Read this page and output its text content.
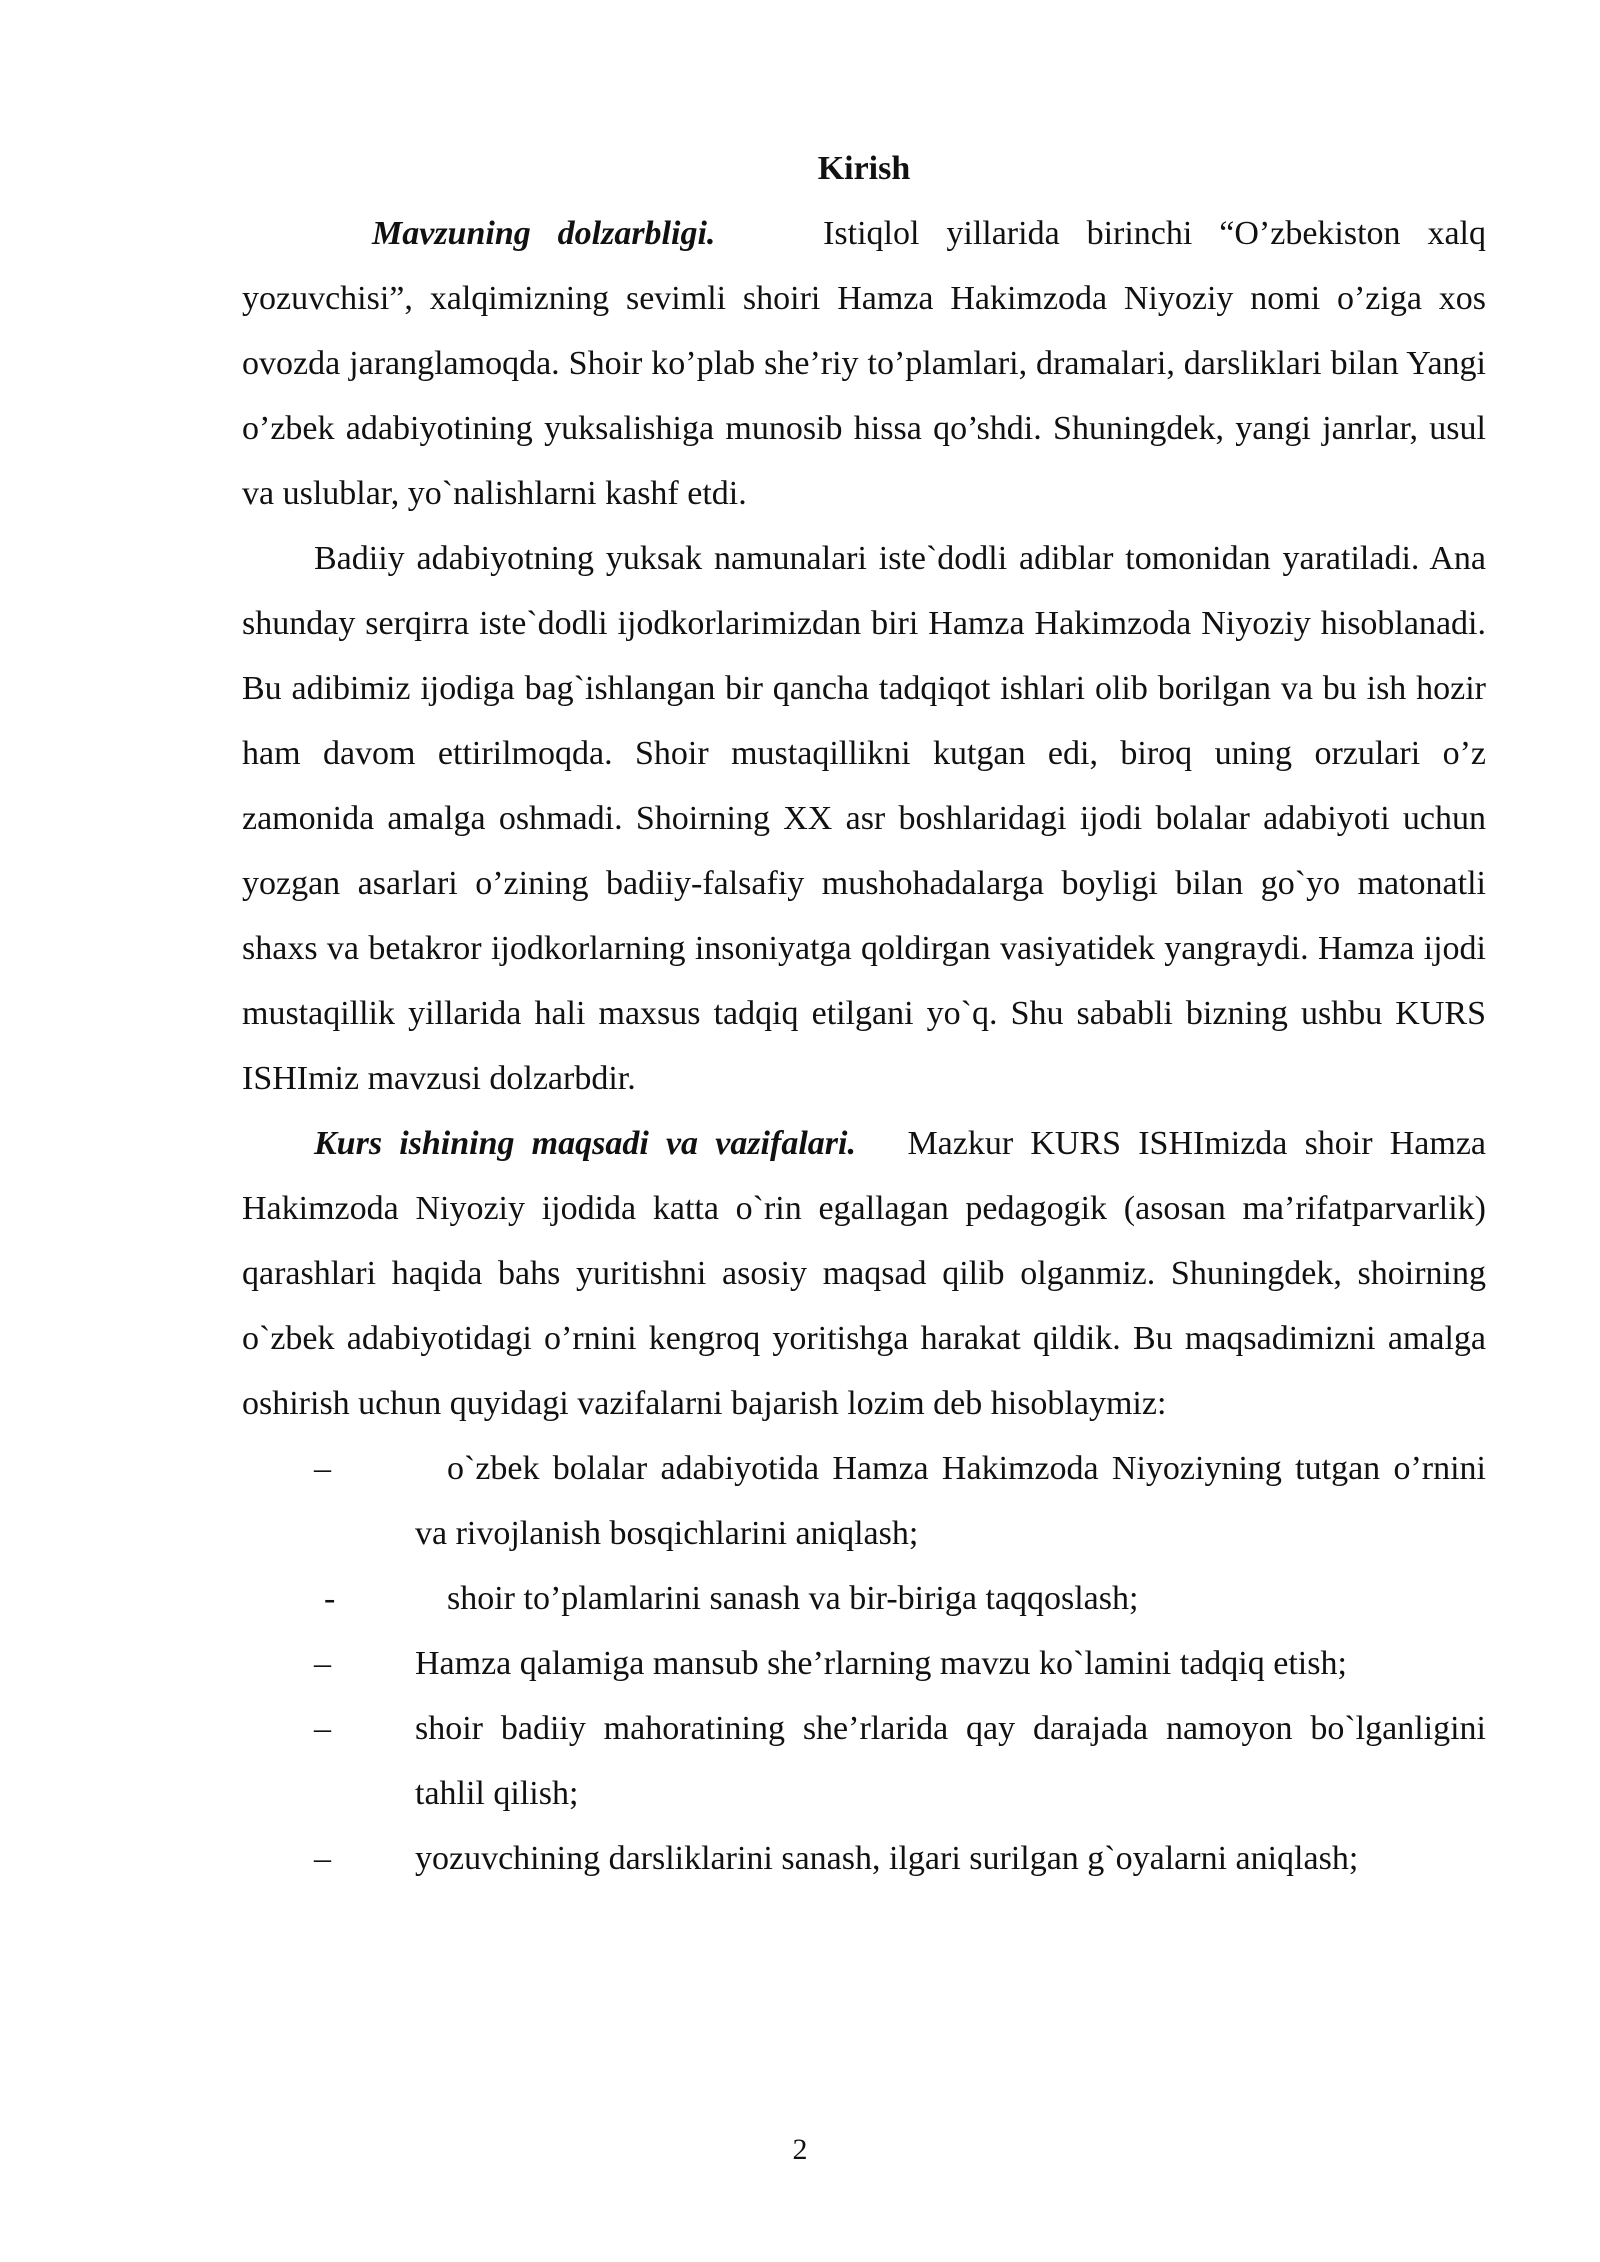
Kirish

Mavzuning dolzarbligi.	Istiqlol yillarida birinchi “O’zbekiston xalq yozuvchisi”, xalqimizning sevimli shoiri Hamza Hakimzoda Niyoziy nomi o’ziga xos ovozda jaranglamoqda. Shoir ko’plab she’riy to’plamlari, dramalari, darsliklari bilan Yangi o’zbek adabiyotining yuksalishiga munosib hissa qo’shdi. Shuningdek, yangi janrlar, usul va uslublar, yo`nalishlarni kashf etdi.

Badiiy adabiyotning yuksak namunalari iste`dodli adiblar tomonidan yaratiladi. Ana shunday serqirra iste`dodli ijodkorlarimizdan biri Hamza Hakimzoda Niyoziy hisoblanadi. Bu adibimiz ijodiga bag`ishlangan bir qancha tadqiqot ishlari olib borilgan va bu ish hozir ham davom ettirilmoqda. Shoir mustaqillikni kutgan edi, biroq uning orzulari o’z zamonida amalga oshmadi. Shoirning XX asr boshlaridagi ijodi bolalar adabiyoti uchun yozgan asarlari o’zining badiiy-falsafiy mushohadalarga boyligi bilan go`yo matonatli shaxs va betakror ijodkorlarning insoniyatga qoldirgan vasiyatidek yangraydi. Hamza ijodi mustaqillik yillarida hali maxsus tadqiq etilgani yo`q. Shu sababli bizning ushbu KURS ISHImiz mavzusi dolzarbdir.

Kurs ishining maqsadi va vazifalari. Mazkur KURS ISHImizda shoir Hamza Hakimzoda Niyoziy ijodida katta o`rin egallagan pedagogik (asosan ma’rifatparvarlik) qarashlari haqida bahs yuritishni asosiy maqsad qilib olganmiz. Shuningdek, shoirning o`zbek adabiyotidagi o’rnini kengroq yoritishga harakat qildik. Bu maqsadimizni amalga oshirish uchun quyidagi vazifalarni bajarish lozim deb hisoblaymiz:

–	o`zbek bolalar adabiyotida Hamza Hakimzoda Niyoziyning tutgan o’rnini va rivojlanish bosqichlarini aniqlash;
-	shoir to’plamlarini sanash va bir-biriga taqqoslash;
– Hamza qalamiga mansub she’rlarning mavzu ko`lamini tadqiq etish;
– shoir badiiy mahoratining she’rlarida qay darajada namoyon bo`lganligini tahlil qilish;
– yozuvchining darsliklarini sanash, ilgari surilgan g`oyalarni aniqlash;
2
